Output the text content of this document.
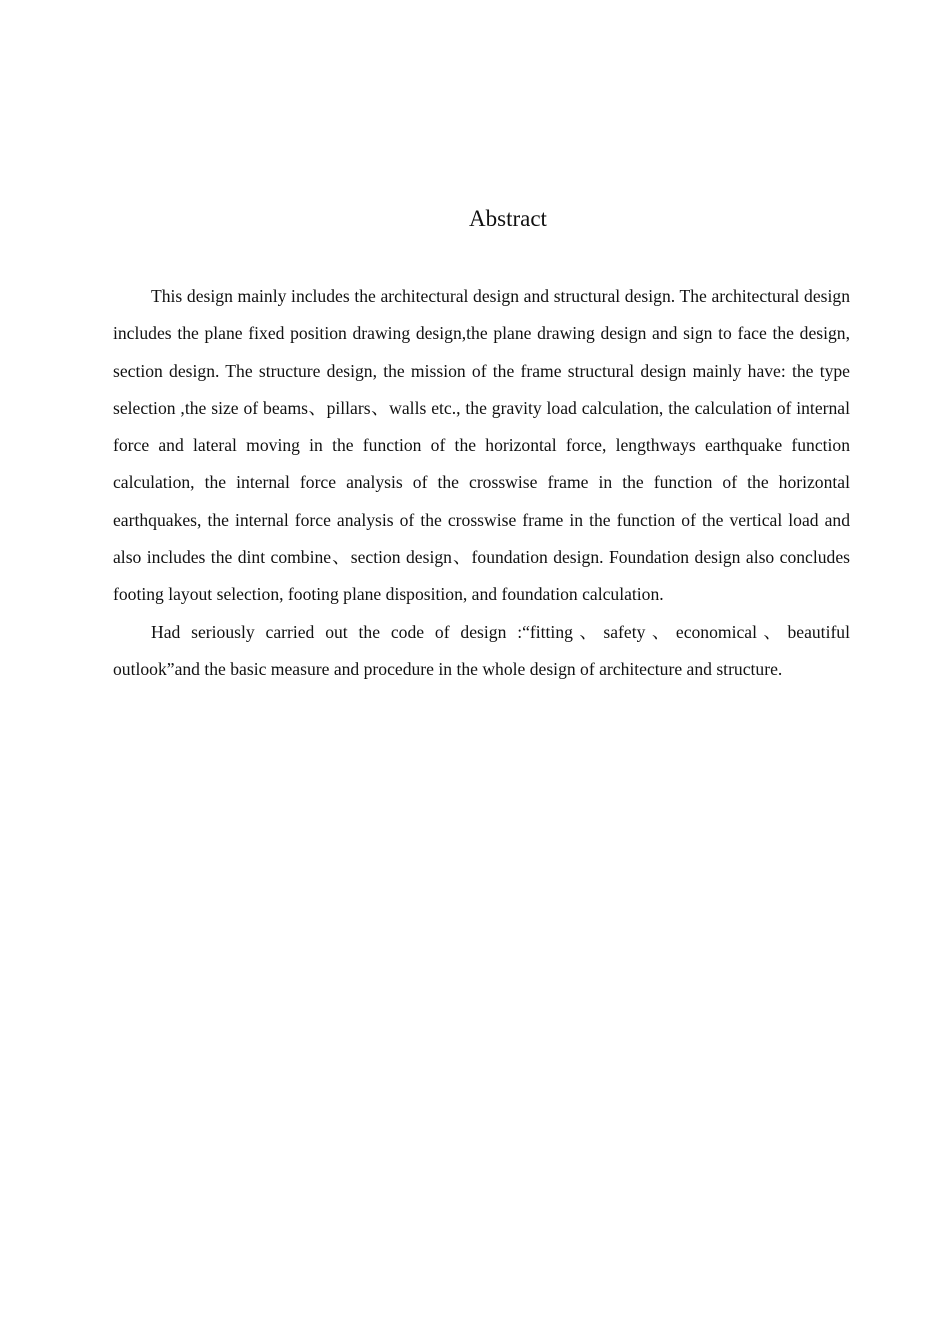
Abstract

This design mainly includes the architectural design and structural design. The architectural design includes the plane fixed position drawing design,the plane drawing design and sign to face the design, section design. The structure design, the mission of the frame structural design mainly have: the type selection ,the size of beams、pillars、walls etc., the gravity load calculation, the calculation of internal force and lateral moving in the function of the horizontal force, lengthways earthquake function calculation, the internal force analysis of the crosswise frame in the function of the horizontal earthquakes, the internal force analysis of the crosswise frame in the function of the vertical load and also includes the dint combine、section design、foundation design. Foundation design also concludes footing layout selection, footing plane disposition, and foundation calculation.

Had seriously carried out the code of design :“fitting、safety、economical、beautiful outlook”and the basic measure and procedure in the whole design of architecture and structure.
